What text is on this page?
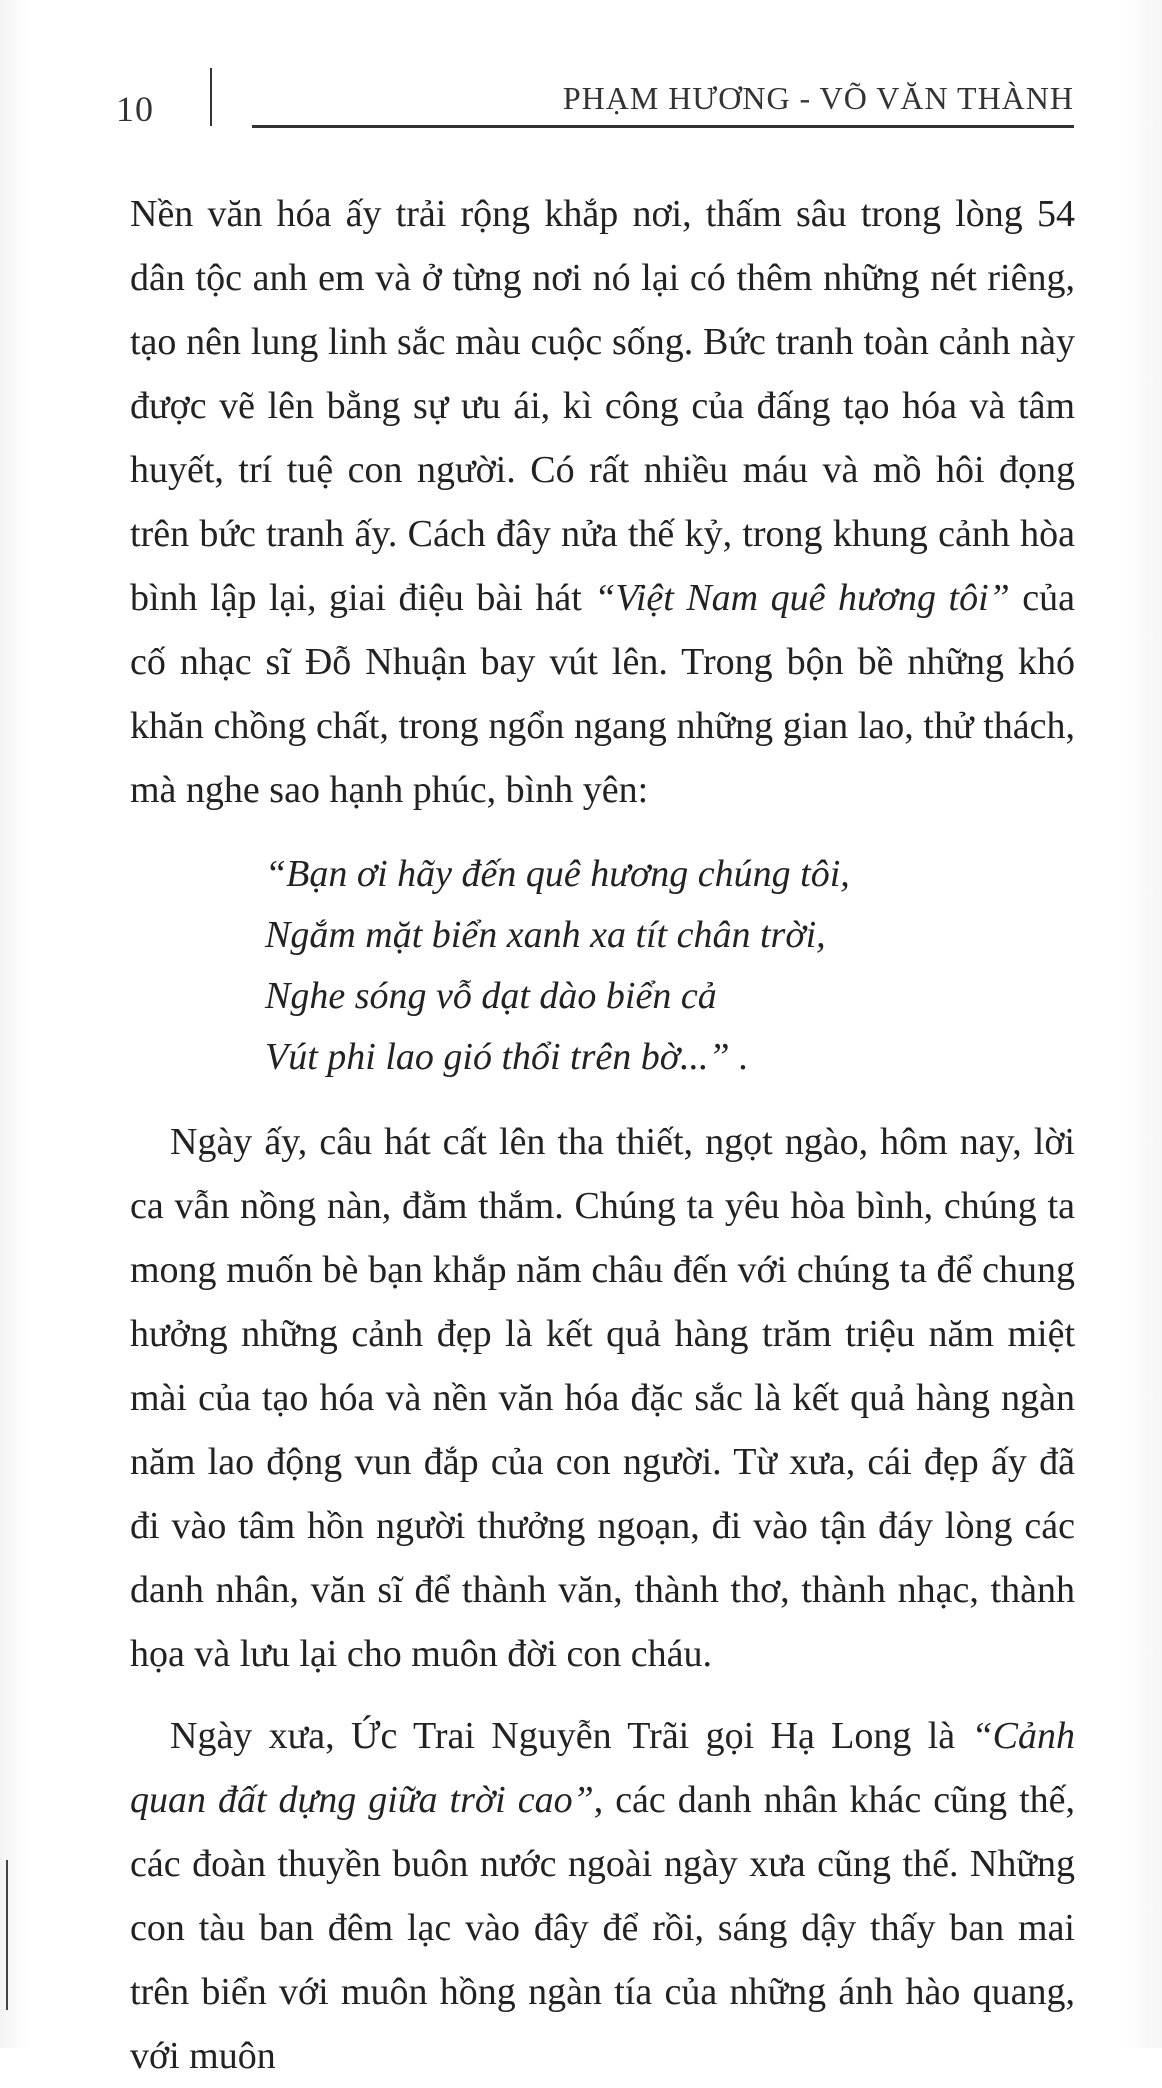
10	PHẠM HƯƠNG - VÕ VĂN THÀNH

Nền văn hóa ấy trải rộng khắp nơi, thấm sâu trong lòng 54 dân tộc anh em và ở từng nơi nó lại có thêm những nét riêng, tạo nên lung linh sắc màu cuộc sống. Bức tranh toàn cảnh này được vẽ lên bằng sự ưu ái, kì công của đấng tạo hóa và tâm huyết, trí tuệ con người. Có rất nhiều máu và mồ hôi đọng trên bức tranh ấy. Cách đây nửa thế kỷ, trong khung cảnh hòa bình lập lại, giai điệu bài hát “Việt Nam quê hương tôi” của cố nhạc sĩ Đỗ Nhuận bay vút lên. Trong bộn bề những khó khăn chồng chất, trong ngổn ngang những gian lao, thử thách, mà nghe sao hạnh phúc, bình yên:

“Bạn ơi hãy đến quê hương chúng tôi,
Ngắm mặt biển xanh xa tít chân trời,
Nghe sóng vỗ dạt dào biển cả
Vút phi lao gió thổi trên bờ...” .

Ngày ấy, câu hát cất lên tha thiết, ngọt ngào, hôm nay, lời ca vẫn nồng nàn, đằm thắm. Chúng ta yêu hòa bình, chúng ta mong muốn bè bạn khắp năm châu đến với chúng ta để chung hưởng những cảnh đẹp là kết quả hàng trăm triệu năm miệt mài của tạo hóa và nền văn hóa đặc sắc là kết quả hàng ngàn năm lao động vun đắp của con người. Từ xưa, cái đẹp ấy đã đi vào tâm hồn người thưởng ngoạn, đi vào tận đáy lòng các danh nhân, văn sĩ để thành văn, thành thơ, thành nhạc, thành họa và lưu lại cho muôn đời con cháu.

Ngày xưa, Ức Trai Nguyễn Trãi gọi Hạ Long là “Cảnh quan đất dựng giữa trời cao”, các danh nhân khác cũng thế, các đoàn thuyền buôn nước ngoài ngày xưa cũng thế. Những con tàu ban đêm lạc vào đây để rồi, sáng dậy thấy ban mai trên biển với muôn hồng ngàn tía của những ánh hào quang, với muôn
